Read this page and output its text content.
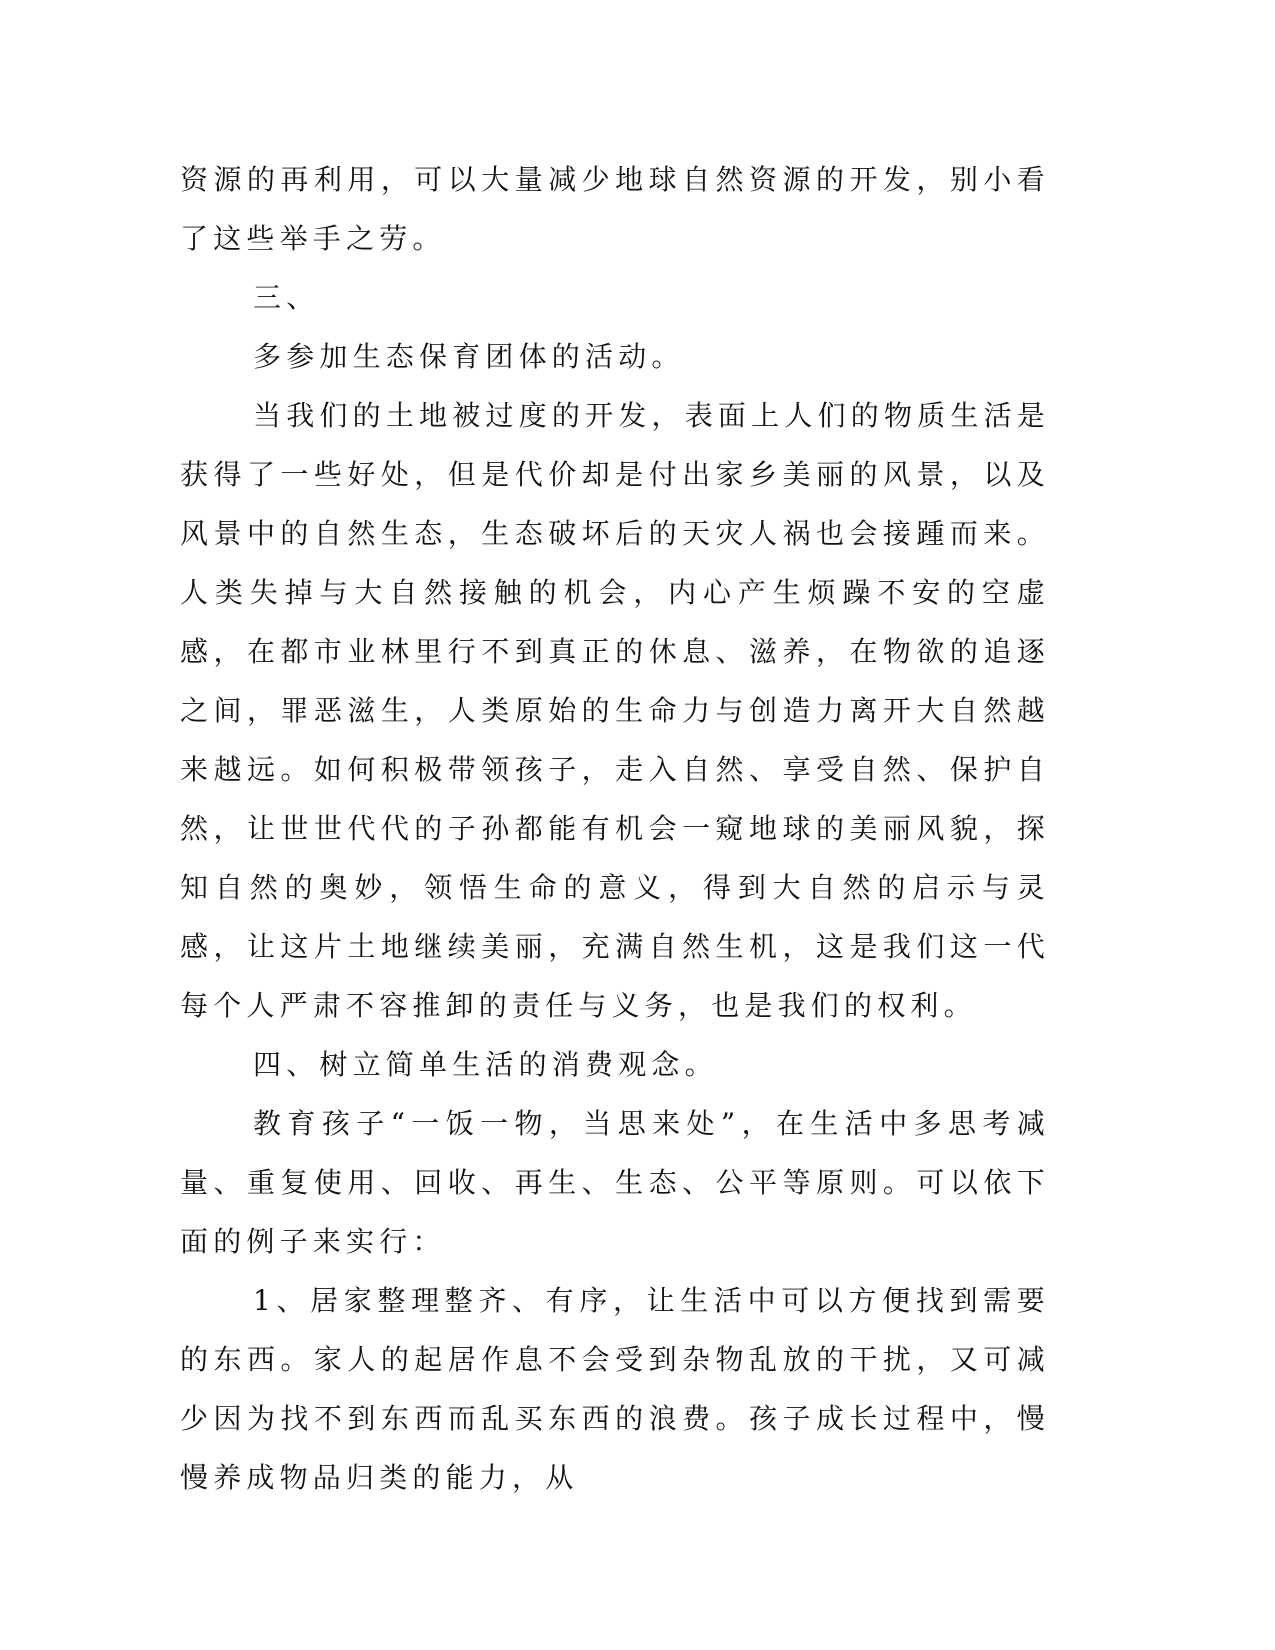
资源的再利用，可以大量减少地球自然资源的开发，别小看了这些举手之劳。

三、

多参加生态保育团体的活动。

当我们的土地被过度的开发，表面上人们的物质生活是获得了一些好处，但是代价却是付出家乡美丽的风景，以及风景中的自然生态，生态破坏后的天灾人祸也会接踵而来。人类失掉与大自然接触的机会，内心产生烦躁不安的空虚感，在都市业林里行不到真正的休息、滋养，在物欲的追逐之间，罪恶滋生，人类原始的生命力与创造力离开大自然越来越远。如何积极带领孩子，走入自然、享受自然、保护自然，让世世代代的子孙都能有机会一窥地球的美丽风貌，探知自然的奥妙，领悟生命的意义，得到大自然的启示与灵感，让这片土地继续美丽，充满自然生机，这是我们这一代每个人严肃不容推卸的责任与义务，也是我们的权利。

四、树立简单生活的消费观念。

教育孩子“一饭一物，当思来处”，在生活中多思考减量、重复使用、回收、再生、生态、公平等原则。可以依下面的例子来实行：

1、居家整理整齐、有序，让生活中可以方便找到需要的东西。家人的起居作息不会受到杂物乱放的干扰，又可减少因为找不到东西而乱买东西的浪费。孩子成长过程中，慢慢养成物品归类的能力，从
